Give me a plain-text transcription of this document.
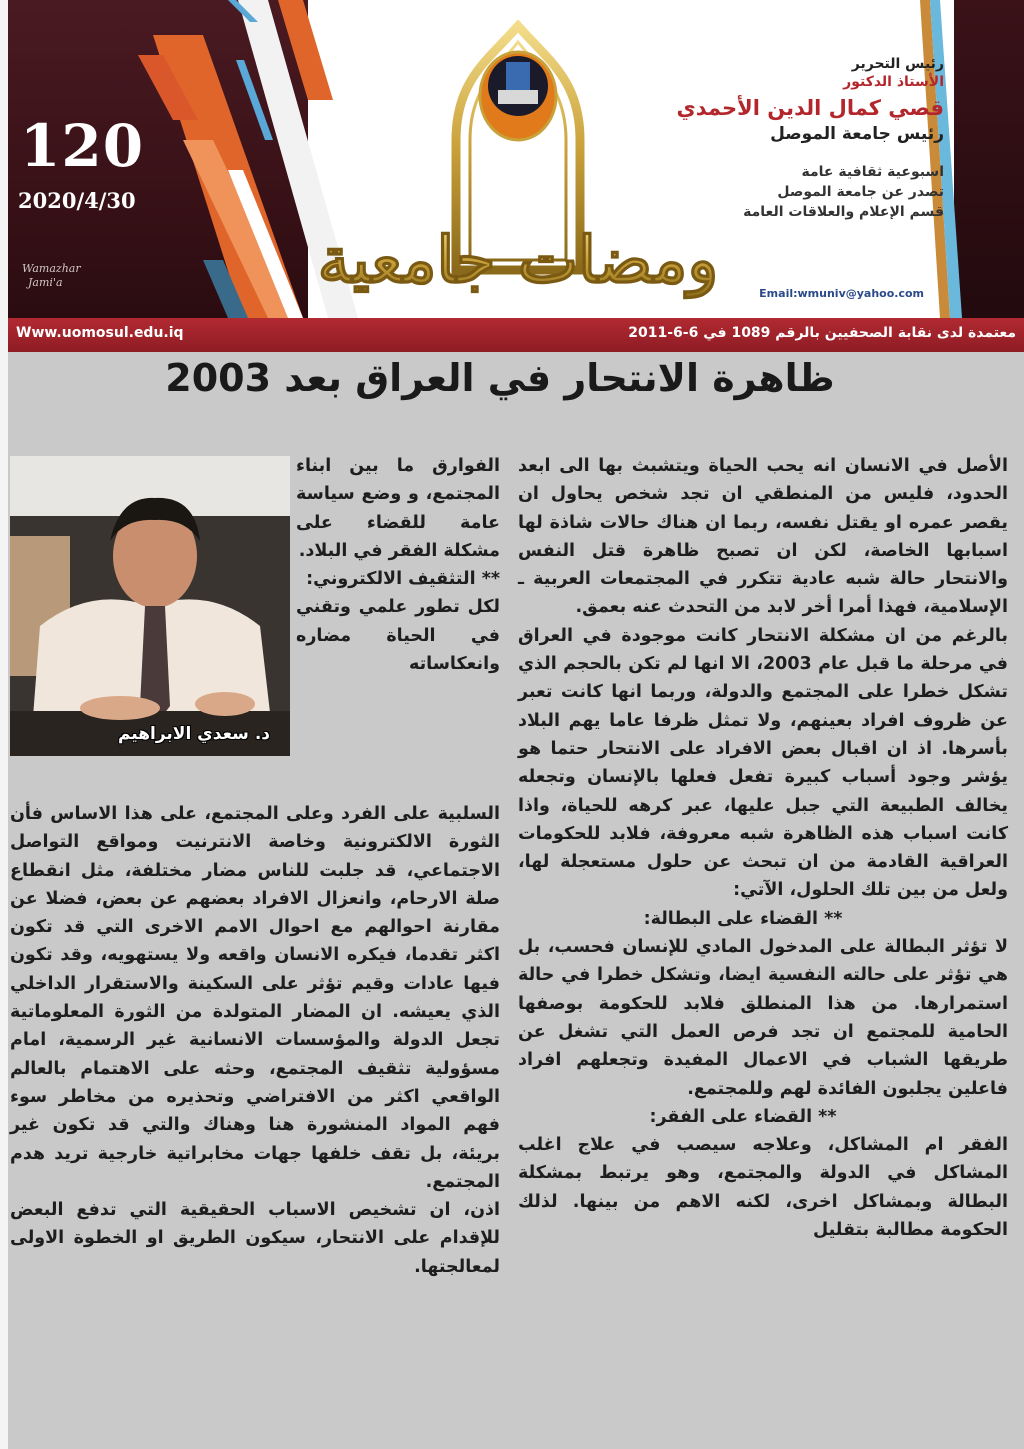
120
2020/4/30
Wamazhar
Jami'a	ومضات جامعية
رئيس التحرير
الأستاذ الدكتور
قصي كمال الدين الأحمدي
رئيس جامعة الموصل
اسبوعية ثقافية عامة
تصدر عن جامعة الموصل
قسم الإعلام والعلاقات العامة
Email:wmuniv@yahoo.com
Www.uomosul.edu.iq	معتمدة لدى نقابة الصحفيين بالرقم 1089 في 6-6-2011
ظاهرة الانتحار في العراق بعد 2003

الأصل في الانسان انه يحب الحياة ويتشبث بها الى ابعد الحدود، فليس من المنطقي ان تجد شخص يحاول ان يقصر عمره او يقتل نفسه، ربما ان هناك حالات شاذة لها اسبابها الخاصة، لكن ان تصبح ظاهرة قتل النفس والانتحار حالة شبه عادية تتكرر في المجتمعات العربية ـ الإسلامية، فهذا أمرا أخر لابد من التحدث عنه بعمق.

بالرغم من ان مشكلة الانتحار كانت موجودة في العراق في مرحلة ما قبل عام 2003، الا انها لم تكن بالحجم الذي تشكل خطرا على المجتمع والدولة، وربما انها كانت تعبر عن ظروف افراد بعينهم، ولا تمثل ظرفا عاما يهم البلاد بأسرها. اذ ان اقبال بعض الافراد على الانتحار حتما هو يؤشر وجود أسباب كبيرة تفعل فعلها بالإنسان وتجعله يخالف الطبيعة التي جبل عليها، عبر كرهه للحياة، واذا كانت اسباب هذه الظاهرة شبه معروفة، فلابد للحكومات العراقية القادمة من ان تبحث عن حلول مستعجلة لها، ولعل من بين تلك الحلول، الآتي:

** القضاء على البطالة:

لا تؤثر البطالة على المدخول المادي للإنسان فحسب، بل هي تؤثر على حالته النفسية ايضا، وتشكل خطرا في حالة استمرارها. من هذا المنطلق فلابد للحكومة بوصفها الحامية للمجتمع ان تجد فرص العمل التي تشغل عن طريقها الشباب في الاعمال المفيدة وتجعلهم افراد فاعلين يجلبون الفائدة لهم وللمجتمع.

** القضاء على الفقر:

الفقر ام المشاكل، وعلاجه سيصب في علاج اغلب المشاكل في الدولة والمجتمع، وهو يرتبط بمشكلة البطالة وبمشاكل اخرى، لكنه الاهم من بينها. لذلك الحكومة مطالبة بتقليل

د. سعدي الابراهيم

الفوارق ما بين ابناء المجتمع، و وضع سياسة عامة للقضاء على مشكلة الفقر في البلاد.

** التثقيف الالكتروني:

لكل تطور علمي وتقني في الحياة مضاره وانعكاساته

السلبية على الفرد وعلى المجتمع، على هذا الاساس فأن الثورة الالكترونية وخاصة الانترنيت ومواقع التواصل الاجتماعي، قد جلبت للناس مضار مختلفة، مثل انقطاع صلة الارحام، وانعزال الافراد بعضهم عن بعض، فضلا عن مقارنة احوالهم مع احوال الامم الاخرى التي قد تكون اكثر تقدما، فيكره الانسان واقعه ولا يستهويه، وقد تكون فيها عادات وقيم تؤثر على السكينة والاستقرار الداخلي الذي يعيشه. ان المضار المتولدة من الثورة المعلوماتية تجعل الدولة والمؤسسات الانسانية غير الرسمية، امام مسؤولية تثقيف المجتمع، وحثه على الاهتمام بالعالم الواقعي اكثر من الافتراضي وتحذيره من مخاطر سوء فهم المواد المنشورة هنا وهناك والتي قد تكون غير بريئة، بل تقف خلفها جهات مخابراتية خارجية تريد هدم المجتمع.

اذن، ان تشخيص الاسباب الحقيقية التي تدفع البعض للإقدام على الانتحار، سيكون الطريق او الخطوة الاولى لمعالجتها.
